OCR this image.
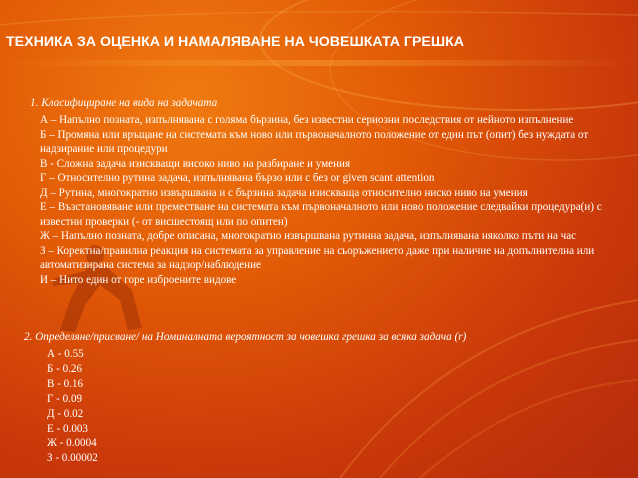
ТЕХНИКА ЗА ОЦЕНКА И НАМАЛЯВАНЕ НА ЧОВЕШКАТА ГРЕШКА
1. Класифициране на вида на задачата
А – Напълно позната, изпълнявана с голяма бързина, без известни сериозни последствия от нейното изпълнение
Б – Промяна или връщане на системата към ново или първоначалното положение от един път (опит) без нуждата от надзирание или процедури
В - Сложна задача изискващи високо ниво на разбиране и умения
Г – Относително рутина задача, изпълнявана бързо или с без or given scant attention
Д – Рутина, многократно извършвана и с бързина задача изискваща относително ниско ниво на умения
Е – Възстановяване или преместване на системата към първоначалното или ново положение следвайки процедура(и) с известни проверки (- от висшестоящ или по опитен)
Ж – Напълно позната, добре описана, многократно извършвана рутинна задача, изпълнявана няколко пъти на час
З – Коректна/правилна реакция на системата за управление на сьоръжението даже при наличие на допълнителна или автоматизирана система за надзор/наблюдение
И – Нито един от горе изброените видове
2. Определяне/присване/ на Номиналната вероятност за човешка грешка за всяка задача (r)
А - 0.55
Б - 0.26
В - 0.16
Г - 0.09
Д - 0.02
Е - 0.003
Ж - 0.0004
З - 0.00002
